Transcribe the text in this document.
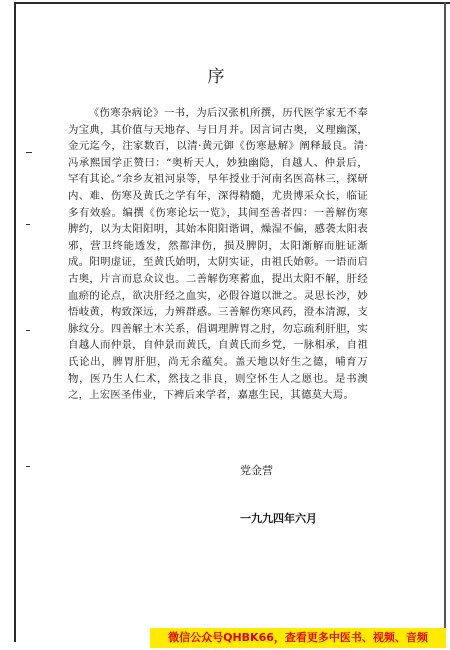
序

《伤寒杂病论》一书，为后汉张机所撰，历代医学家无不奉为宝典，其价值与天地存、与日月并。因言词古奥，义理幽深，金元迄今，注家数百，以清·黄元御《伤寒悬解》阐释最良。清·冯承熙国学正赞曰：“奥析天人，妙独幽隐，自越人、仲景后，罕有其论。”余乡友祖河泉等，早年授业于河南名医高林三，探研内、难、伤寒及黄氏之学有年，深得精髓，尤贵博采众长，临证多有效验。编撰《伤寒论坛一览》，其间至善者四：一善解伤寒脾约，以为太阳阳明，其始本阳阳谐调，燥湿不偏，感袭太阳表邪，营卫终能透发，然都津伤，损及脾阴，太阳渐解而脏证渐成。阳明虚证，至黄氏始明，太阴实证，由祖氏始彰。一语而启古奥，片言而息众议也。二善解伤寒蓄血，提出太阳不解，肝经血瘀的论点，欲决肝经之血实，必假谷道以泄之。灵思长沙，妙悟岐黄，构致深远，力辨群惑。三善解伤寒风药，澄本清源，支脉纹分。四善解土木关系，倡调理脾胃之肘，勿忘疏利肝胆，实自越人而仲景，自仲景而黄氏，自黄氏而乡党，一脉相承，自祖氏论出，脾胃肝胆，尚无余蕴矣。盖天地以好生之德，哺育万物，医乃生人仁术，然技之非良，则空怀生人之愿也。是书澳之，上宏医圣伟业，下裨后来学者，嘉惠生民，其德莫大焉。

党金营
一九九四年六月
微信公众号QHBK66，查看更多中医书、视频、音频
